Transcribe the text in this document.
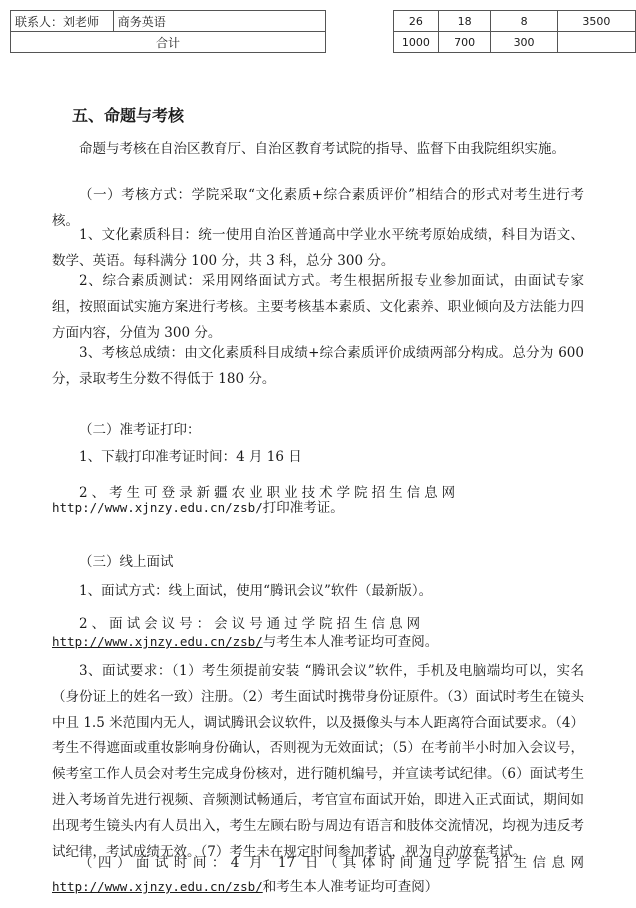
联系人：刘老师	商务英语		26	18	8	3500
合计			1000	700	300	
五、命题与考核

命题与考核在自治区教育厅、自治区教育考试院的指导、监督下由我院组织实施。

（一）考核方式：学院采取“文化素质+综合素质评价”相结合的形式对考生进行考核。

1、文化素质科目：统一使用自治区普通高中学业水平统考原始成绩，科目为语文、数学、英语。每科满分 100 分，共 3 科，总分 300 分。

2、综合素质测试：采用网络面试方式。考生根据所报专业参加面试，由面试专家组，按照面试实施方案进行考核。主要考核基本素质、文化素养、职业倾向及方法能力四方面内容，分值为 300 分。

3、考核总成绩：由文化素质科目成绩+综合素质评价成绩两部分构成。总分为 600 分，录取考生分数不得低于 180 分。

（二）准考证打印：

1、下载打印准考证时间：4 月 16 日

2、考生可登录新疆农业职业技术学院招生信息网

http://www.xjnzy.edu.cn/zsb/打印准考证。

（三）线上面试

1、面试方式：线上面试，使用“腾讯会议”软件（最新版）。

2、面试会议号：会议号通过学院招生信息网

http://www.xjnzy.edu.cn/zsb/与考生本人准考证均可查阅。

3、面试要求：（1）考生须提前安装 “腾讯会议”软件，手机及电脑端均可以，实名（身份证上的姓名一致）注册。（2）考生面试时携带身份证原件。（3）面试时考生在镜头中且 1.5 米范围内无人，调试腾讯会议软件，以及摄像头与本人距离符合面试要求。（4）考生不得遮面或重妆影响身份确认，否则视为无效面试；（5）在考前半小时加入会议号，候考室工作人员会对考生完成身份核对，进行随机编号，并宣读考试纪律。（6）面试考生进入考场首先进行视频、音频测试畅通后，考官宣布面试开始，即进入正式面试，期间如出现考生镜头内有人员出入，考生左顾右盼与周边有语言和肢体交流情况，均视为违反考试纪律，考试成绩无效。（7）考生未在规定时间参加考试，视为自动放弃考试。

（四）面试时间：4 月 17 日（具体时间通过学院招生信息网http://www.xjnzy.edu.cn/zsb/和考生本人准考证均可查阅）
